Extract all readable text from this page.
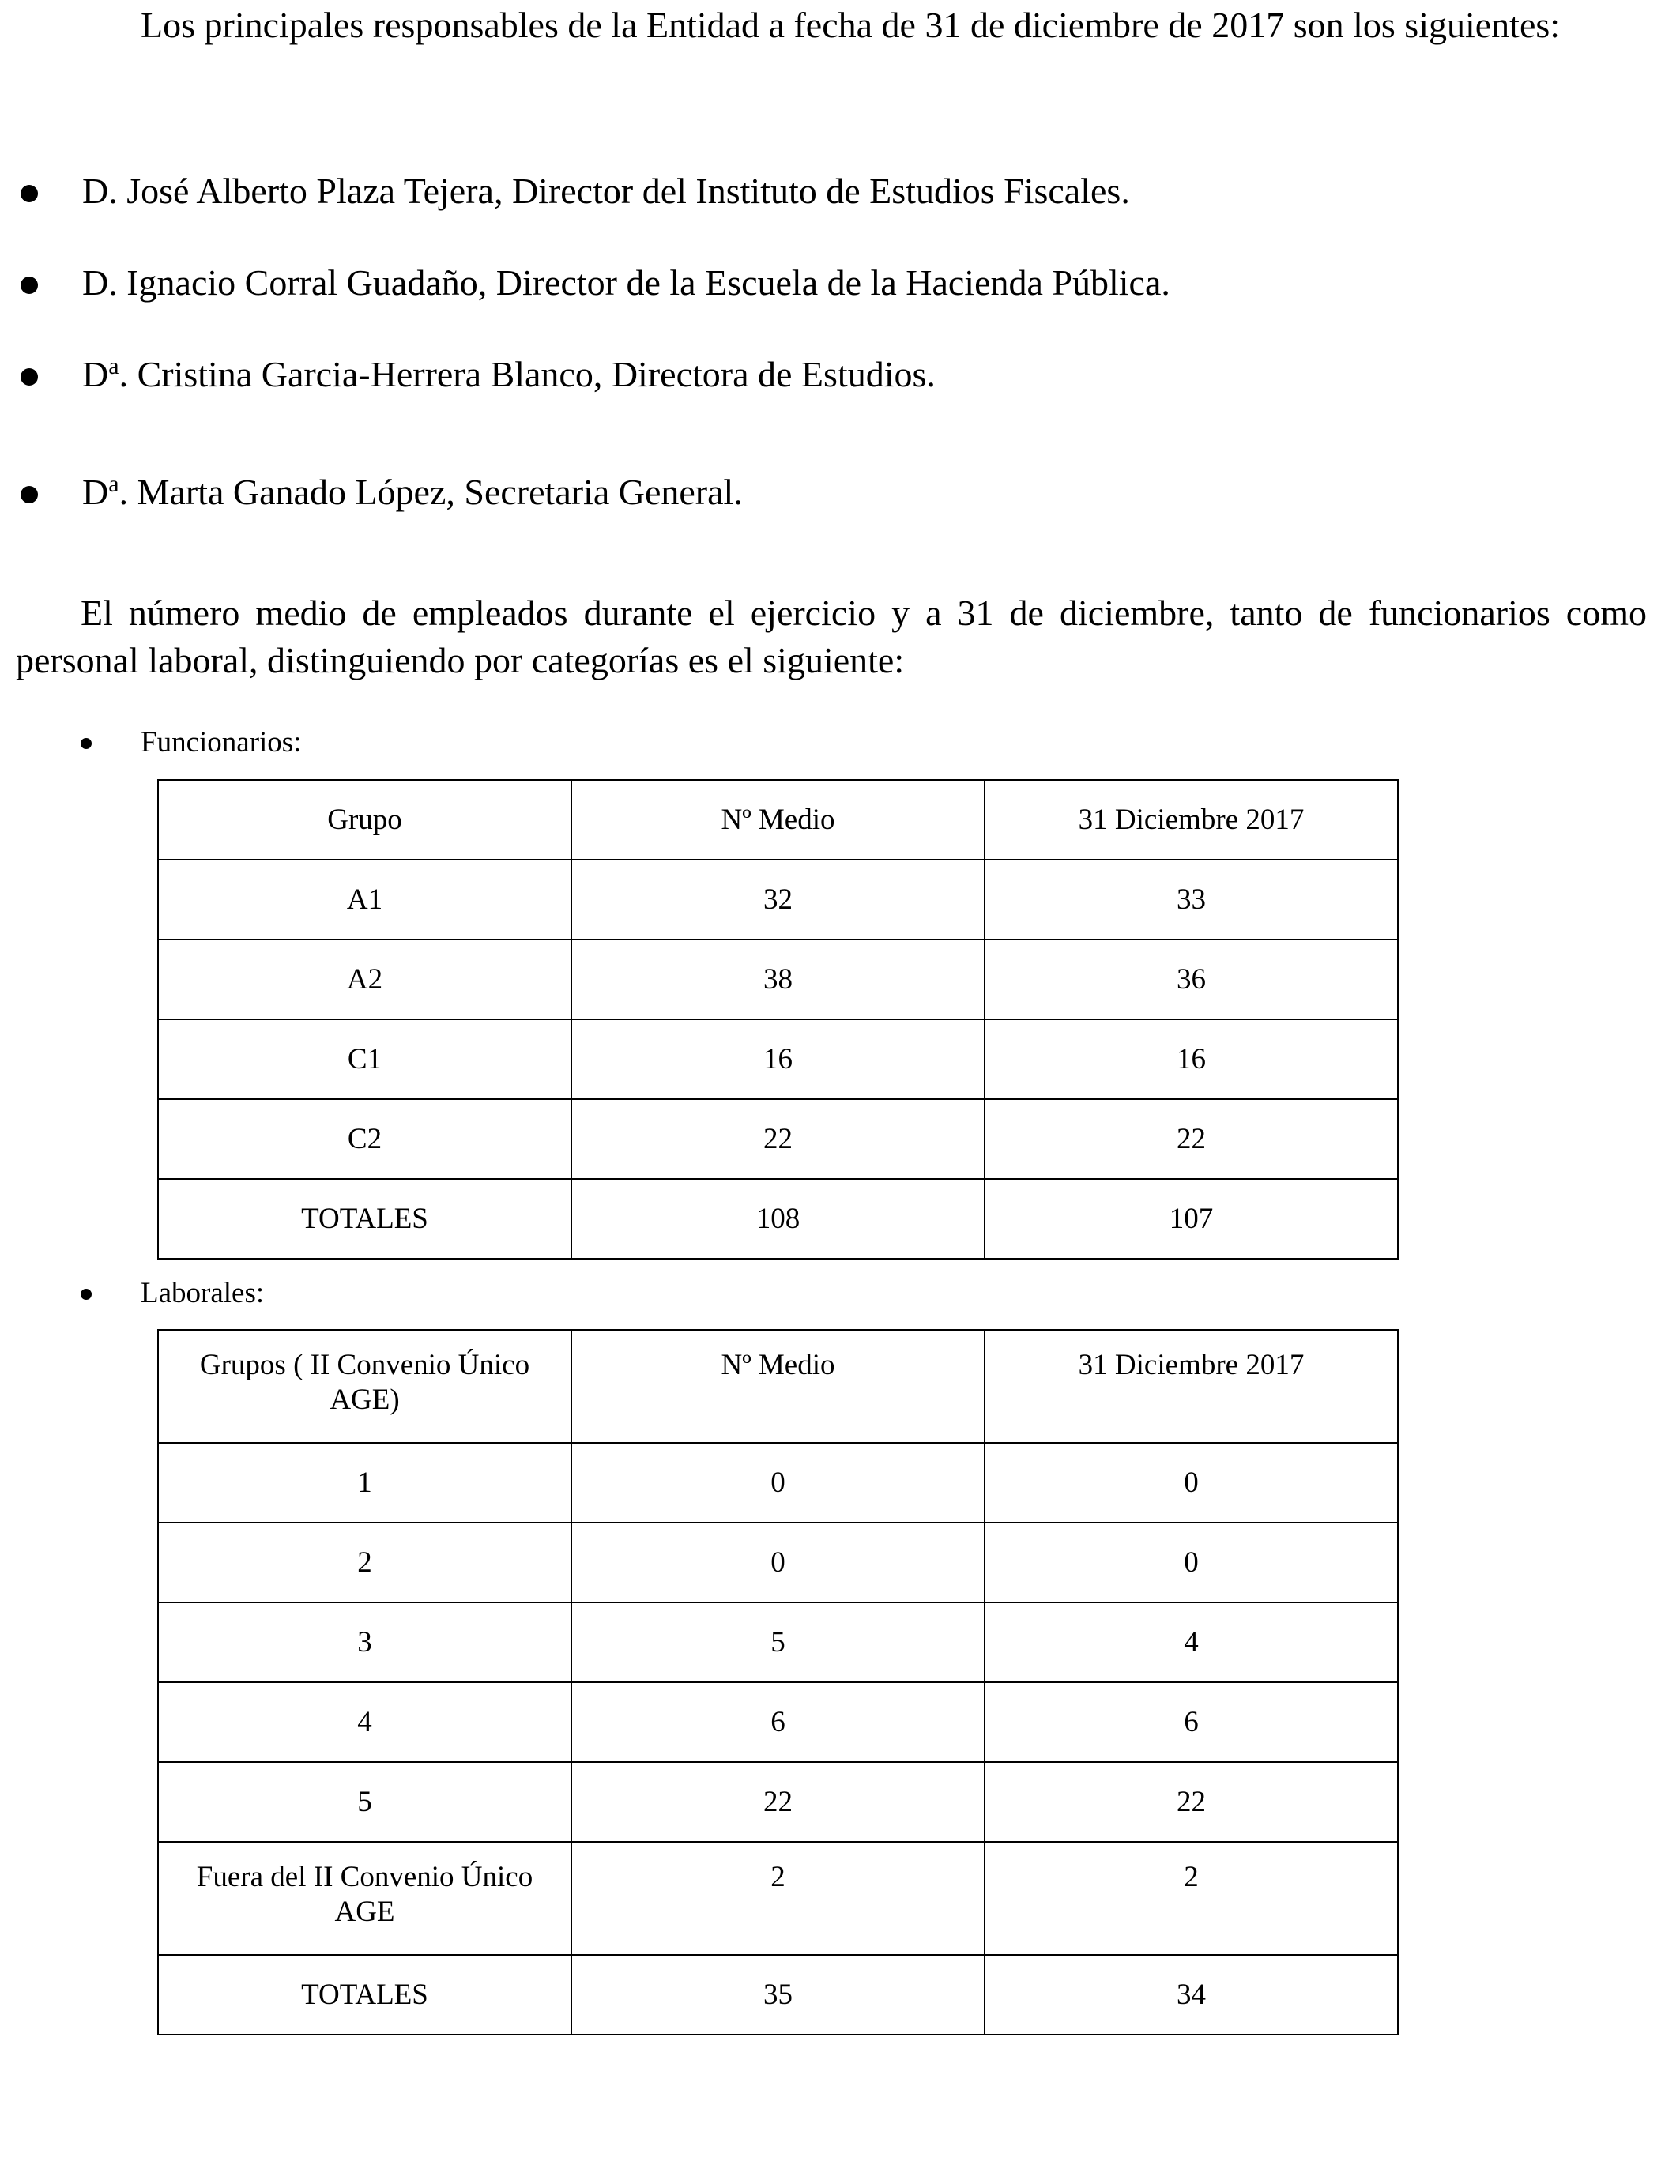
Los principales responsables de la Entidad a fecha de 31 de diciembre de 2017 son los siguientes:

D. José Alberto Plaza Tejera, Director del Instituto de Estudios Fiscales.
D. Ignacio Corral Guadaño, Director de la Escuela de la Hacienda Pública.
$D^a$. Cristina Garcia-Herrera Blanco, Directora de Estudios.
$D^a$. Marta Ganado López, Secretaria General.

El número medio de empleados durante el ejercicio y a 31 de diciembre, tanto de funcionarios como personal laboral, distinguiendo por categorías es el siguiente:

Funcionarios:
Grupo	Nº Medio	31 Diciembre 2017
A1	32	33
A2	38	36
C1	16	16
C2	22	22
TOTALES	108	107
Laborales:
Grupos ( II Convenio Único AGE)	Nº Medio	31 Diciembre 2017
1	0	0
2	0	0
3	5	4
4	6	6
5	22	22
Fuera del II Convenio Único AGE	2	2
TOTALES	35	34
